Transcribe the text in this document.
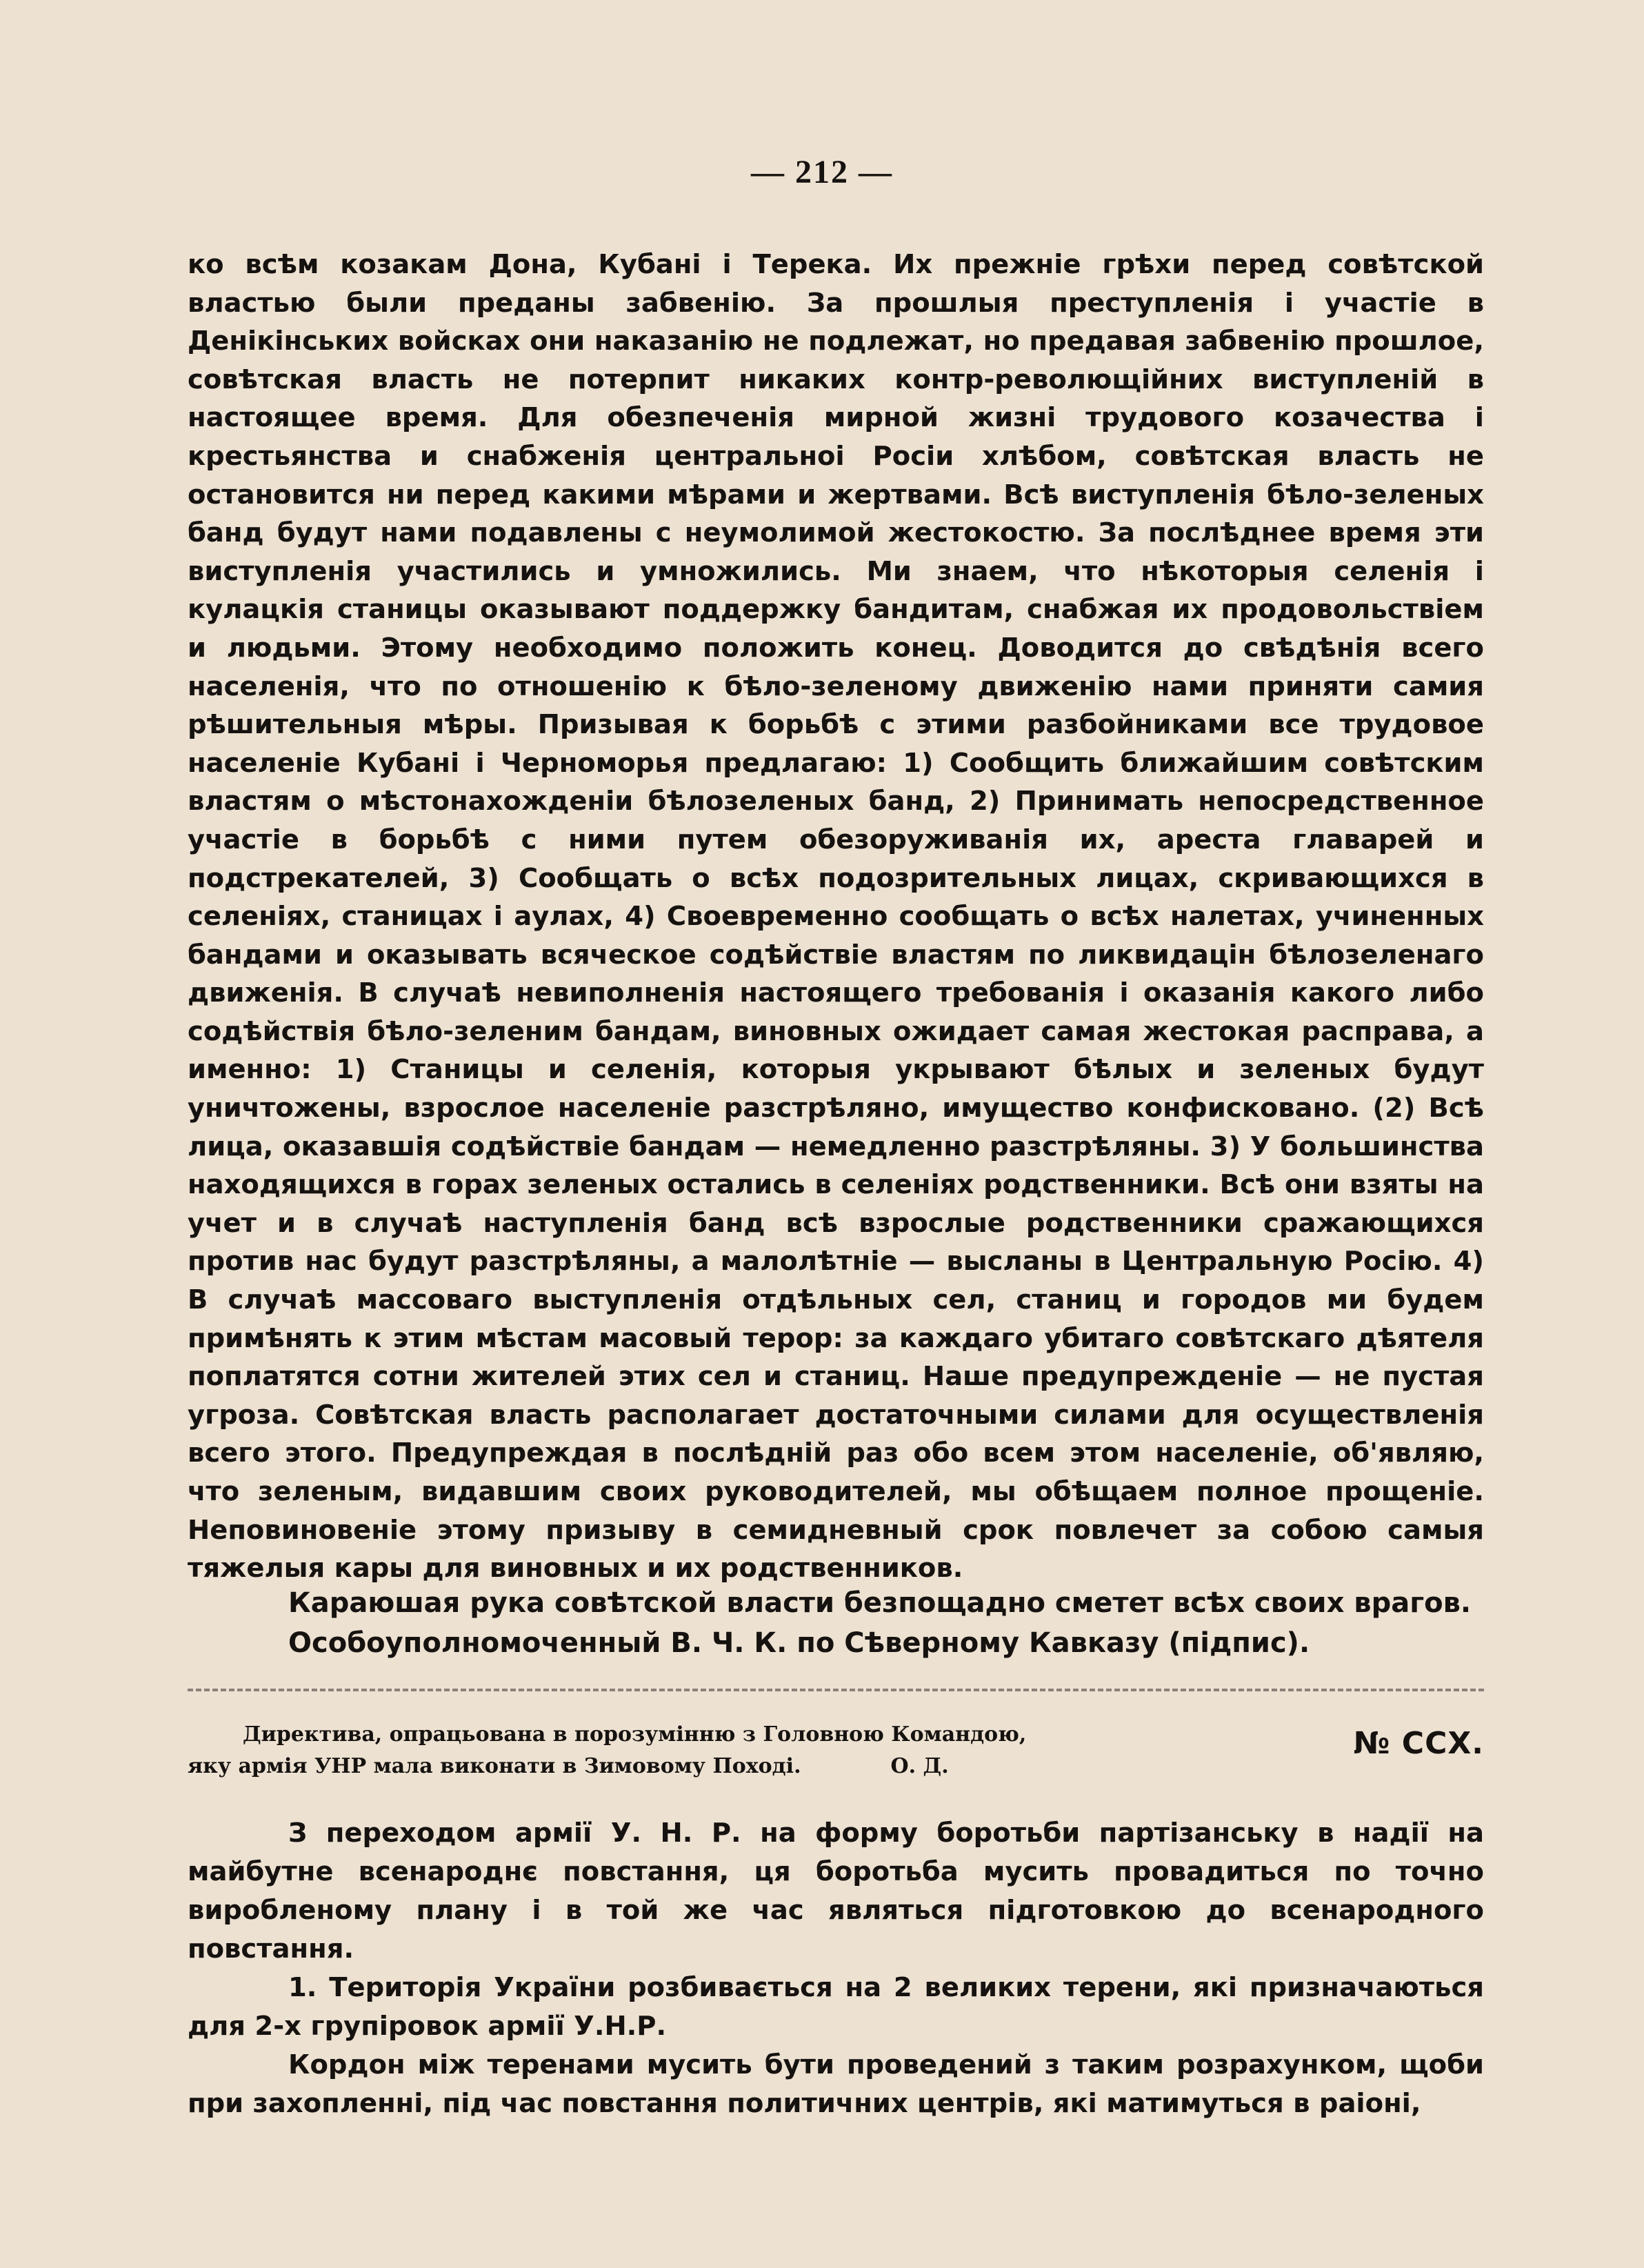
— 212 —

ко всѣм козакам Дона, Кубані і Терека. Их прежніе грѣхи перед совѣтской властью были преданы забвенію. За прошлыя преступленія і участіе в Денікінських войсках они наказанію не подлежат, но предавая забвенію прошлое, совѣтская власть не потерпит никаких контр-револющійних виступленій в настоящее время. Для обезпеченія мирной жизні трудового козачества і крестьянства и снабженія центральноі Росіи хлѣбом, совѣтская власть не остановится ни перед какими мѣрами и жертвами. Всѣ виступленія бѣло-зеленых банд будут нами подавлены с неумолимой жестокостю. За послѣднее время эти виступленія участились и умножились. Ми знаем, что нѣкоторыя селенія і кулацкія станицы оказывают поддержку бандитам, снабжая их продовольствіем и людьми. Этому необходимо положить конец. Доводится до свѣдѣнія всего населенія, что по отношенію к бѣло-зеленому движенію нами приняти самия рѣшительныя мѣры. Призывая к борьбѣ с этими разбойниками все трудовое населеніе Кубані і Черноморья предлагаю: 1) Сообщить ближайшим совѣтским властям о мѣстонахожденіи бѣлозеленых банд, 2) Принимать непосредственное участіе в борьбѣ с ними путем обезоруживанія их, ареста главарей и подстрекателей, 3) Сообщать о всѣх подозрительных лицах, скривающихся в селеніях, станицах і аулах, 4) Своевременно сообщать о всѣх налетах, учиненных бандами и оказывать всяческое содѣйствіе властям по ликвидацін бѣлозеленаго движенія. В случаѣ невиполненія настоящего требованія і оказанія какого либо содѣйствія бѣло-зеленим бандам, виновных ожидает самая жестокая расправа, а именно: 1) Станицы и селенія, которыя укрывают бѣлых и зеленых будут уничтожены, взрослое населеніе разстрѣляно, имущество конфисковано. (2) Всѣ лица, оказавшія содѣйствіе бандам — немедленно разстрѣляны. 3) У большинства находящихся в горах зеленых остались в селеніях родственники. Всѣ они взяты на учет и в случаѣ наступленія банд всѣ взрослые родственники сражающихся против нас будут разстрѣляны, а малолѣтніе — высланы в Центральную Росію. 4) В случаѣ массоваго выступленія отдѣльных сел, станиц и городов ми будем примѣнять к этим мѣстам масовый терор: за каждаго убитаго совѣтскаго дѣятеля поплатятся сотни жителей этих сел и станиц. Наше предупрежденіе — не пустая угроза. Совѣтская власть располагает достаточными силами для осуществленія всего этого. Предупреждая в послѣдній раз обо всем этом населеніе, об'являю, что зеленым, видавшим своих руководителей, мы обѣщаем полное прощеніе. Неповиновеніе этому призыву в семидневный срок повлечет за собою самыя тяжелыя кары для виновных и их родственников.

Караюшая рука совѣтской власти безпощадно сметет всѣх своих врагов.

Особоуполномоченный В. Ч. К. по Сѣверному Кавказу (підпис).

Директива, опрацьована в порозумінню з Головною Командою,
яку армія УНР мала виконати в Зимовому Поході.	О. Д.
№ ССХ.

З переходом армії У. Н. Р. на форму боротьби партізанську в надії на майбутне всенароднє повстання, ця боротьба мусить провадиться по точно виробленому плану і в той же час являться підготовкою до всенародного повстання.

1. Територія України розбивається на 2 великих терени, які призначаються для 2-х групіровок армії У.Н.Р.

Кордон між теренами мусить бути проведений з таким розрахунком, щоби при захопленні, під час повстання политичних центрів, які матимуться в раіоні,
